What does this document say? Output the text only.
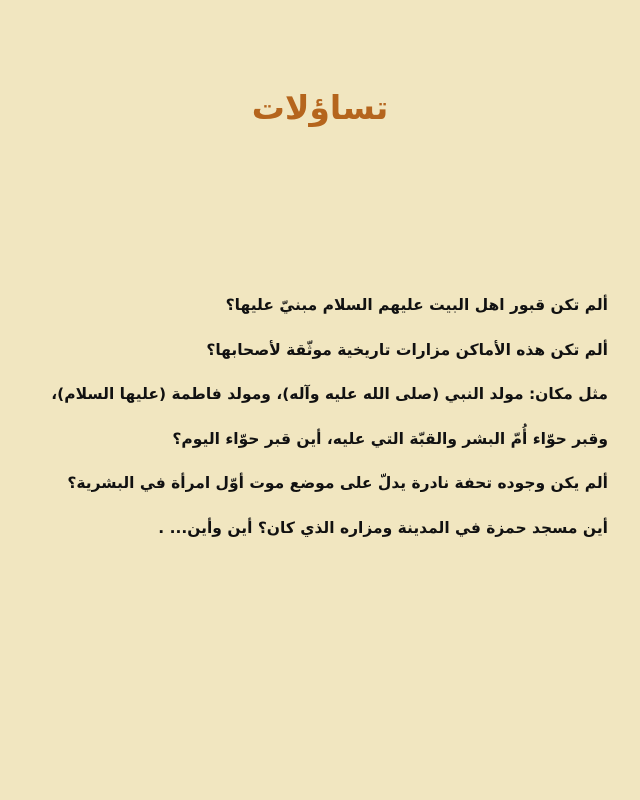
تساؤلات
ألم تكن قبور اهل البيت عليهم السلام مبنيّ عليها؟
ألم تكن هذه الأماكن مزارات تاريخية موثّقة لأصحابها؟
مثل مكان: مولد النبي (صلى الله عليه وآله)، ومولد فاطمة (عليها السلام)،
وقبر حوّاء أُمّ البشر والقبّة التي عليه، أين قبر حوّاء اليوم؟
ألم يكن وجوده تحفة نادرة يدلّ على موضع موت أوّل امرأة في البشرية؟
أين مسجد حمزة في المدينة ومزاره الذي كان؟ أين وأين... .
